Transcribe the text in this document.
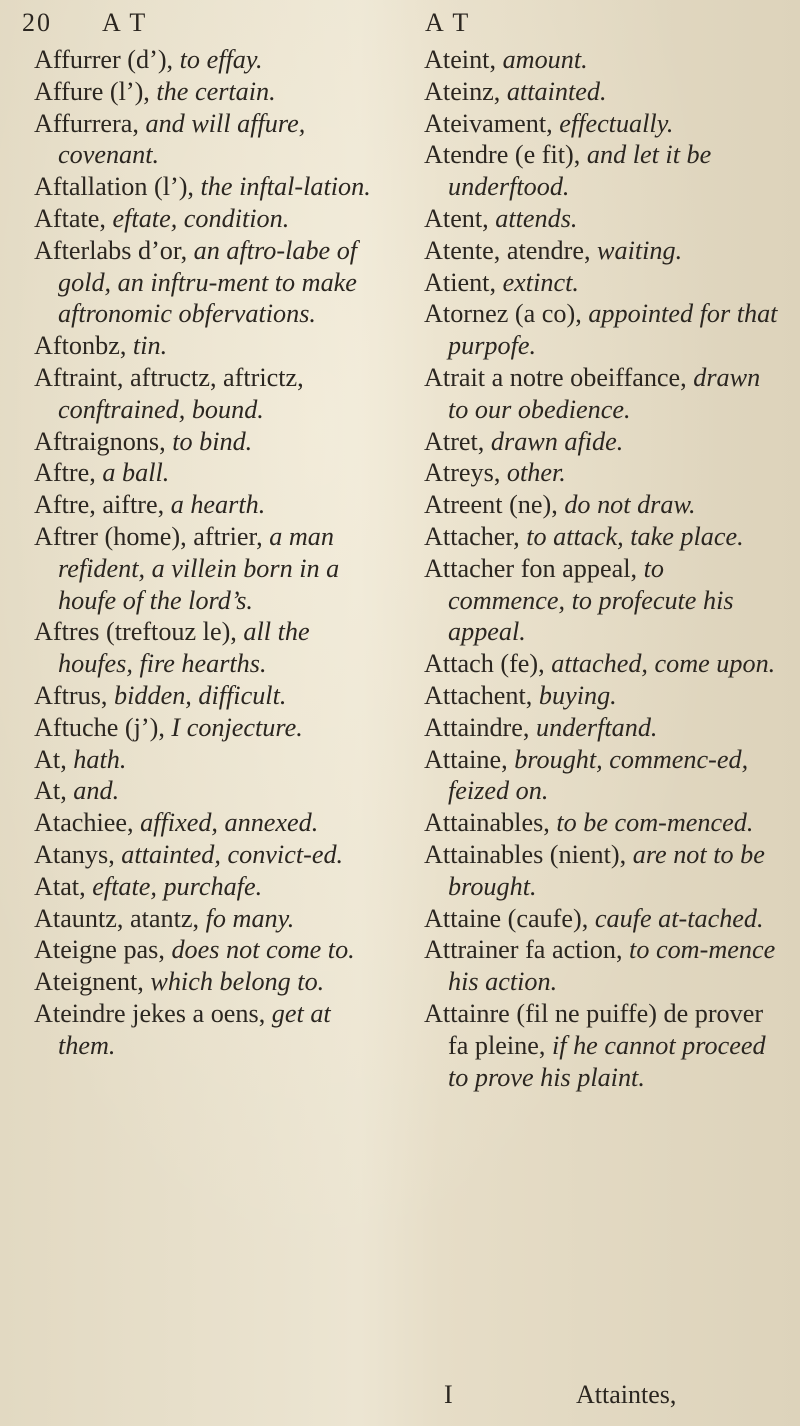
20 A T	A T
Affurrer (d’), to effay.
Affure (l’), the certain.
Affurrera, and will affure, covenant.
Aftallation (l’), the inftal-lation.
Aftate, eftate, condition.
Afterlabs d’or, an aftro-labe of gold, an inftru-ment to make aftronomic obfervations.
Aftonbz, tin.
Aftraint, aftructz, aftrictz, conftrained, bound.
Aftraignons, to bind.
Aftre, a ball.
Aftre, aiftre, a hearth.
Aftrer (home), aftrier, a man refident, a villein born in a houfe of the lord’s.
Aftres (treftouz le), all the houfes, fire hearths.
Aftrus, bidden, difficult.
Aftuche (j’), I conjecture.
At, hath.
At, and.
Atachiee, affixed, annexed.
Atanys, attainted, convict-ed.
Atat, eftate, purchafe.
Atauntz, atantz, fo many.
Ateigne pas, does not come to.
Ateignent, which belong to.
Ateindre jekes a oens, get at them.
Ateint, amount.
Ateinz, attainted.
Ateivament, effectually.
Atendre (e fit), and let it be underftood.
Atent, attends.
Atente, atendre, waiting.
Atient, extinct.
Atornez (a co), appointed for that purpofe.
Atrait a notre obeiffance, drawn to our obedience.
Atret, drawn afide.
Atreys, other.
Atreent (ne), do not draw.
Attacher, to attack, take place.
Attacher fon appeal, to commence, to profecute his appeal.
Attach (fe), attached, come upon.
Attachent, buying.
Attaindre, underftand.
Attaine, brought, commenc-ed, feized on.
Attainables, to be com-menced.
Attainables (nient), are not to be brought.
Attaine (caufe), caufe at-tached.
Attrainer fa action, to com-mence his action.
Attainre (fil ne puiffe) de prover fa pleine, if he cannot proceed to prove his plaint.
I	Attaintes,
